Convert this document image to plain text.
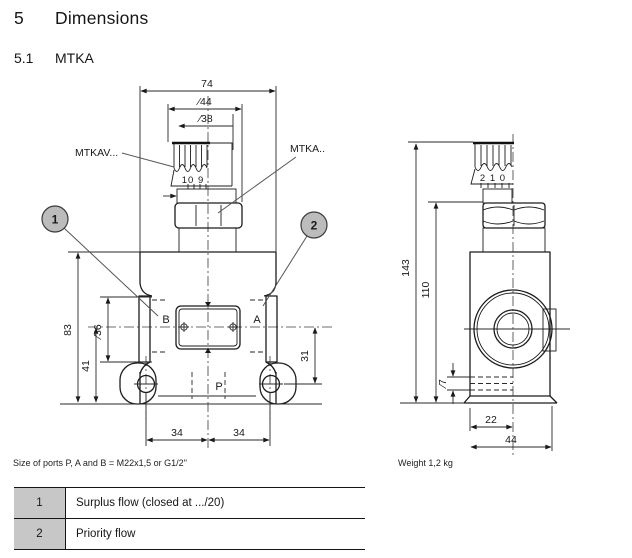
5 Dimensions
5.1 MTKA
10 9
B	A
P
74
⁄44
⁄38
83
41
⁄36
34	34
31
2 1 0
143
110
⁄7
22
44
MTKAV...	MTKA..
1	2
Size of ports P, A and B = M22x1,5 or G1/2"	Weight 1,2 kg
1	Surplus flow (closed at .../20)
2	Priority flow
